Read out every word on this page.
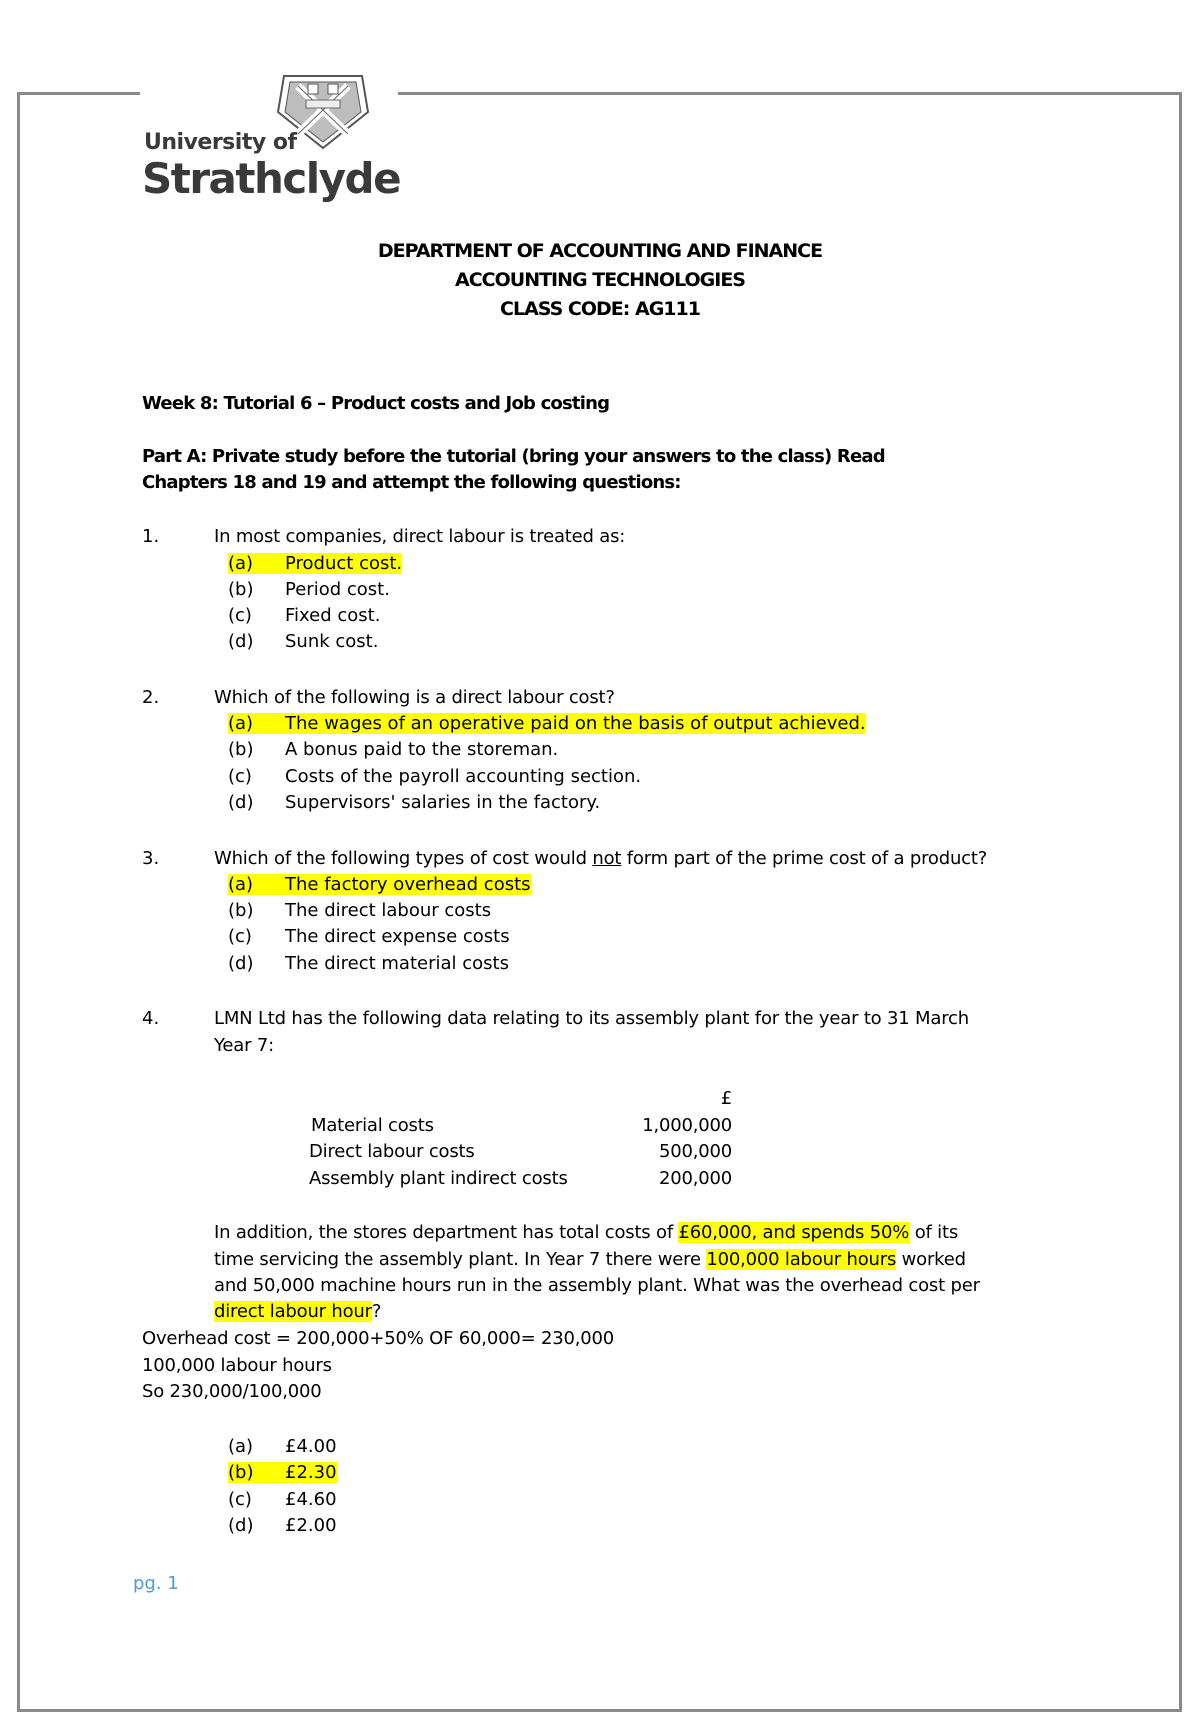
University of
Strathclyde
DEPARTMENT OF ACCOUNTING AND FINANCE
ACCOUNTING TECHNOLOGIES
CLASS CODE: AG111
Week 8: Tutorial 6 – Product costs and Job costing
Part A: Private study before the tutorial (bring your answers to the class) Read
Chapters 18 and 19 and attempt the following questions:
1.	In most companies, direct labour is treated as:
(a) Product cost.
(b) Period cost.
(c) Fixed cost.
(d) Sunk cost.
2.	Which of the following is a direct labour cost?
(a) The wages of an operative paid on the basis of output achieved.
(b) A bonus paid to the storeman.
(c) Costs of the payroll accounting section.
(d) Supervisors' salaries in the factory.
3.	Which of the following types of cost would not form part of the prime cost of a product?
(a) The factory overhead costs
(b) The direct labour costs
(c) The direct expense costs
(d) The direct material costs
4.	LMN Ltd has the following data relating to its assembly plant for the year to 31 March
Year 7:
£
Material costs	1,000,000
Direct labour costs	500,000
Assembly plant indirect costs	200,000
In addition, the stores department has total costs of £60,000, and spends 50% of its
time servicing the assembly plant. In Year 7 there were 100,000 labour hours worked
and 50,000 machine hours run in the assembly plant. What was the overhead cost per
direct labour hour?
Overhead cost = 200,000+50% OF 60,000= 230,000
100,000 labour hours
So 230,000/100,000
(a) £4.00
(b) £2.30
(c) £4.60
(d) £2.00
pg. 1
